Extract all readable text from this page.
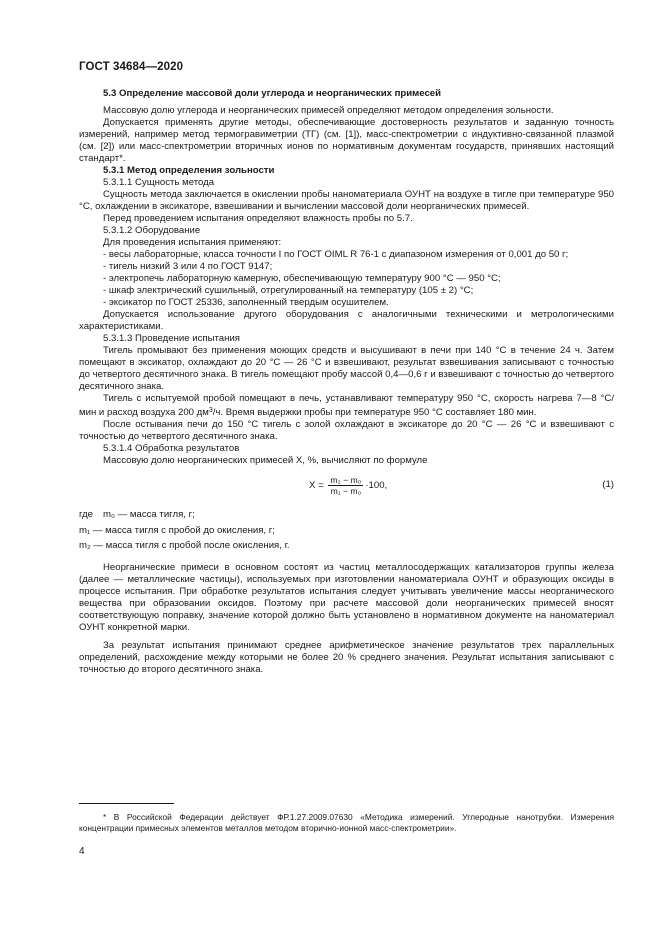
ГОСТ 34684—2020

5.3 Определение массовой доли углерода и неорганических примесей

Массовую долю углерода и неорганических примесей определяют методом определения зольности.

Допускается применять другие методы, обеспечивающие достоверность результатов и заданную точность измерений, например метод термогравиметрии (ТГ) (см. [1]), масс-спектрометрии с индуктивно-связанной плазмой (см. [2]) или масс-спектрометрии вторичных ионов по нормативным документам государств, принявших настоящий стандарт*.

5.3.1 Метод определения зольности

5.3.1.1 Сущность метода

Сущность метода заключается в окислении пробы наноматериала ОУНТ на воздухе в тигле при температуре 950 °С, охлаждении в эксикаторе, взвешивании и вычислении массовой доли неорганических примесей.

Перед проведением испытания определяют влажность пробы по 5.7.

5.3.1.2 Оборудование

Для проведения испытания применяют:

- весы лабораторные, класса точности I по ГОСТ OIML R 76-1 с диапазоном измерения от 0,001 до 50 г;

- тигель низкий 3 или 4 по ГОСТ 9147;

- электропечь лабораторную камерную, обеспечивающую температуру 900 °С — 950 °С;

- шкаф электрический сушильный, отрегулированный на температуру (105 ± 2) °С;

- эксикатор по ГОСТ 25336, заполненный твердым осушителем.

Допускается использование другого оборудования с аналогичными техническими и метрологическими характеристиками.

5.3.1.3 Проведение испытания

Тигель промывают без применения моющих средств и высушивают в печи при 140 °С в течение 24 ч. Затем помещают в эксикатор, охлаждают до 20 °С — 26 °С и взвешивают, результат взвешивания записывают с точностью до четвертого десятичного знака. В тигель помещают пробу массой 0,4—0,6 г и взвешивают с точностью до четвертого десятичного знака.

Тигель с испытуемой пробой помещают в печь, устанавливают температуру 950 °С, скорость нагрева 7—8 °С/мин и расход воздуха 200 $дм^3/ч$. Время выдержки пробы при температуре 950 °С составляет 180 мин.

После остывания печи до 150 °С тигель с золой охлаждают в эксикаторе до 20 °С — 26 °С и взвешивают с точностью до четвертого десятичного знака.

5.3.1.4 Обработка результатов

Массовую долю неорганических примесей X, %, вычисляют по формуле

$X = \frac{\text{m₂ − m₀}}{\text{m₁ − m₀}} \cdot 100$,	(1)

где m₀ — масса тигля, г;

m₁ — масса тигля с пробой до окисления, г;

m₂ — масса тигля с пробой после окисления, г.

Неорганические примеси в основном состоят из частиц металлосодержащих катализаторов группы железа (далее — металлические частицы), используемых при изготовлении наноматериала ОУНТ и образующих оксиды в процессе испытания. При обработке результатов испытания следует учитывать увеличение массы неорганического вещества при образовании оксидов. Поэтому при расчете массовой доли неорганических примесей вносят соответствующую поправку, значение которой должно быть установлено в нормативном документе на наноматериал ОУНТ конкретной марки.

За результат испытания принимают среднее арифметическое значение результатов трех параллельных определений, расхождение между которыми не более 20 % среднего значения. Результат испытания записывают с точностью до второго десятичного знака.

* В Российской Федерации действует ФР.1.27.2009.07630 «Методика измерений. Углеродные нанотрубки. Измерения концентрации примесных элементов металлов методом вторично-ионной масс-спектрометрии».
4
